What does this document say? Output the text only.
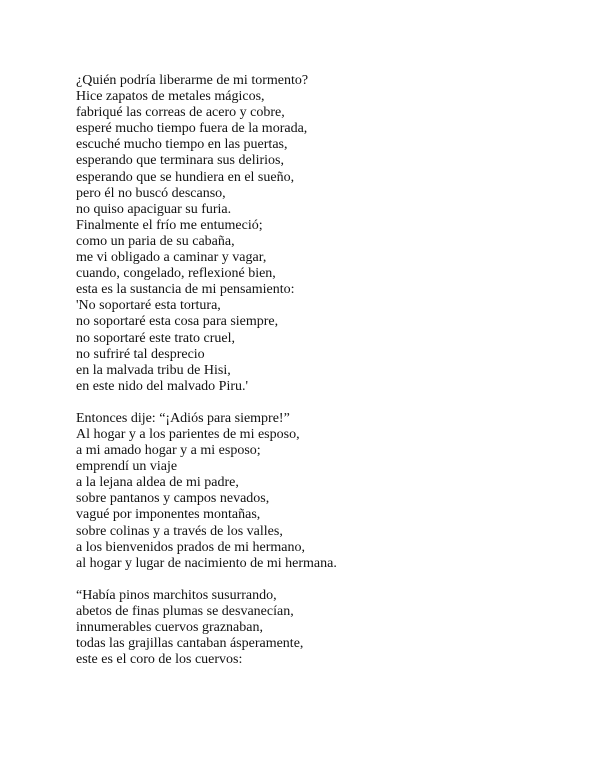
¿Quién podría liberarme de mi tormento?
Hice zapatos de metales mágicos,
fabriqué las correas de acero y cobre,
esperé mucho tiempo fuera de la morada,
escuché mucho tiempo en las puertas,
esperando que terminara sus delirios,
esperando que se hundiera en el sueño,
pero él no buscó descanso,
no quiso apaciguar su furia.
Finalmente el frío me entumeció;
como un paria de su cabaña,
me vi obligado a caminar y vagar,
cuando, congelado, reflexioné bien,
esta es la sustancia de mi pensamiento:
'No soportaré esta tortura,
no soportaré esta cosa para siempre,
no soportaré este trato cruel,
no sufriré tal desprecio
en la malvada tribu de Hisi,
en este nido del malvado Piru.'
Entonces dije: “¡Adiós para siempre!”
Al hogar y a los parientes de mi esposo,
a mi amado hogar y a mi esposo;
emprendí un viaje
a la lejana aldea de mi padre,
sobre pantanos y campos nevados,
vagué por imponentes montañas,
sobre colinas y a través de los valles,
a los bienvenidos prados de mi hermano,
al hogar y lugar de nacimiento de mi hermana.
“Había pinos marchitos susurrando,
abetos de finas plumas se desvanecían,
innumerables cuervos graznaban,
todas las grajillas cantaban ásperamente,
este es el coro de los cuervos:
